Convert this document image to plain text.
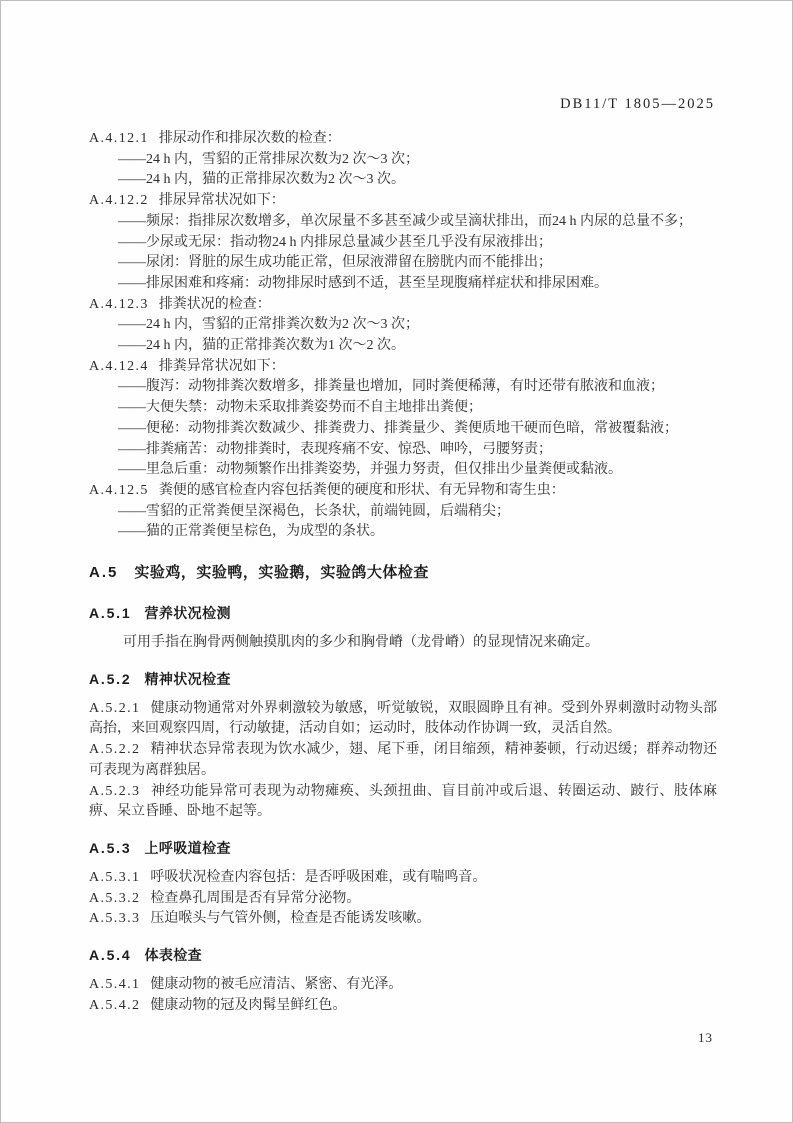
DB11/T 1805—2025
A.4.12.1 排尿动作和排尿次数的检查：
——24 h 内，雪貂的正常排尿次数为2 次～3 次；
——24 h 内，猫的正常排尿次数为2 次～3 次。
A.4.12.2 排尿异常状况如下：
——频尿：指排尿次数增多，单次尿量不多甚至减少或呈滴状排出，而24 h 内尿的总量不多；
——少尿或无尿：指动物24 h 内排尿总量减少甚至几乎没有尿液排出；
——尿闭：肾脏的尿生成功能正常，但尿液滞留在膀胱内而不能排出；
——排尿困难和疼痛：动物排尿时感到不适，甚至呈现腹痛样症状和排尿困难。
A.4.12.3 排粪状况的检查：
——24 h 内，雪貂的正常排粪次数为2 次～3 次；
——24 h 内，猫的正常排粪次数为1 次～2 次。
A.4.12.4 排粪异常状况如下：
——腹泻：动物排粪次数增多，排粪量也增加，同时粪便稀薄，有时还带有脓液和血液；
——大便失禁：动物未采取排粪姿势而不自主地排出粪便；
——便秘：动物排粪次数减少、排粪费力、排粪量少、粪便质地干硬而色暗，常被覆黏液；
——排粪痛苦：动物排粪时，表现疼痛不安、惊恐、呻吟，弓腰努责；
——里急后重：动物频繁作出排粪姿势，并强力努责，但仅排出少量粪便或黏液。
A.4.12.5 粪便的感官检查内容包括粪便的硬度和形状、有无异物和寄生虫：
——雪貂的正常粪便呈深褐色，长条状，前端钝圆，后端稍尖；
——猫的正常粪便呈棕色，为成型的条状。
A.5 实验鸡，实验鸭，实验鹅，实验鸽大体检查
A.5.1 营养状况检测
可用手指在胸骨两侧触摸肌肉的多少和胸骨嵴（龙骨嵴）的显现情况来确定。
A.5.2 精神状况检查
A.5.2.1 健康动物通常对外界刺激较为敏感，听觉敏锐，双眼圆睁且有神。受到外界刺激时动物头部高抬，来回观察四周，行动敏捷，活动自如；运动时，肢体动作协调一致，灵活自然。
A.5.2.2 精神状态异常表现为饮水减少，翅、尾下垂，闭目缩颈，精神萎顿，行动迟缓；群养动物还可表现为离群独居。
A.5.2.3 神经功能异常可表现为动物瘫痪、头颈扭曲、盲目前冲或后退、转圈运动、跛行、肢体麻痹、呆立昏睡、卧地不起等。
A.5.3 上呼吸道检查
A.5.3.1 呼吸状况检查内容包括：是否呼吸困难，或有喘鸣音。
A.5.3.2 检查鼻孔周围是否有异常分泌物。
A.5.3.3 压迫喉头与气管外侧，检查是否能诱发咳嗽。
A.5.4 体表检查
A.5.4.1 健康动物的被毛应清洁、紧密、有光泽。
A.5.4.2 健康动物的冠及肉髯呈鲜红色。
13
